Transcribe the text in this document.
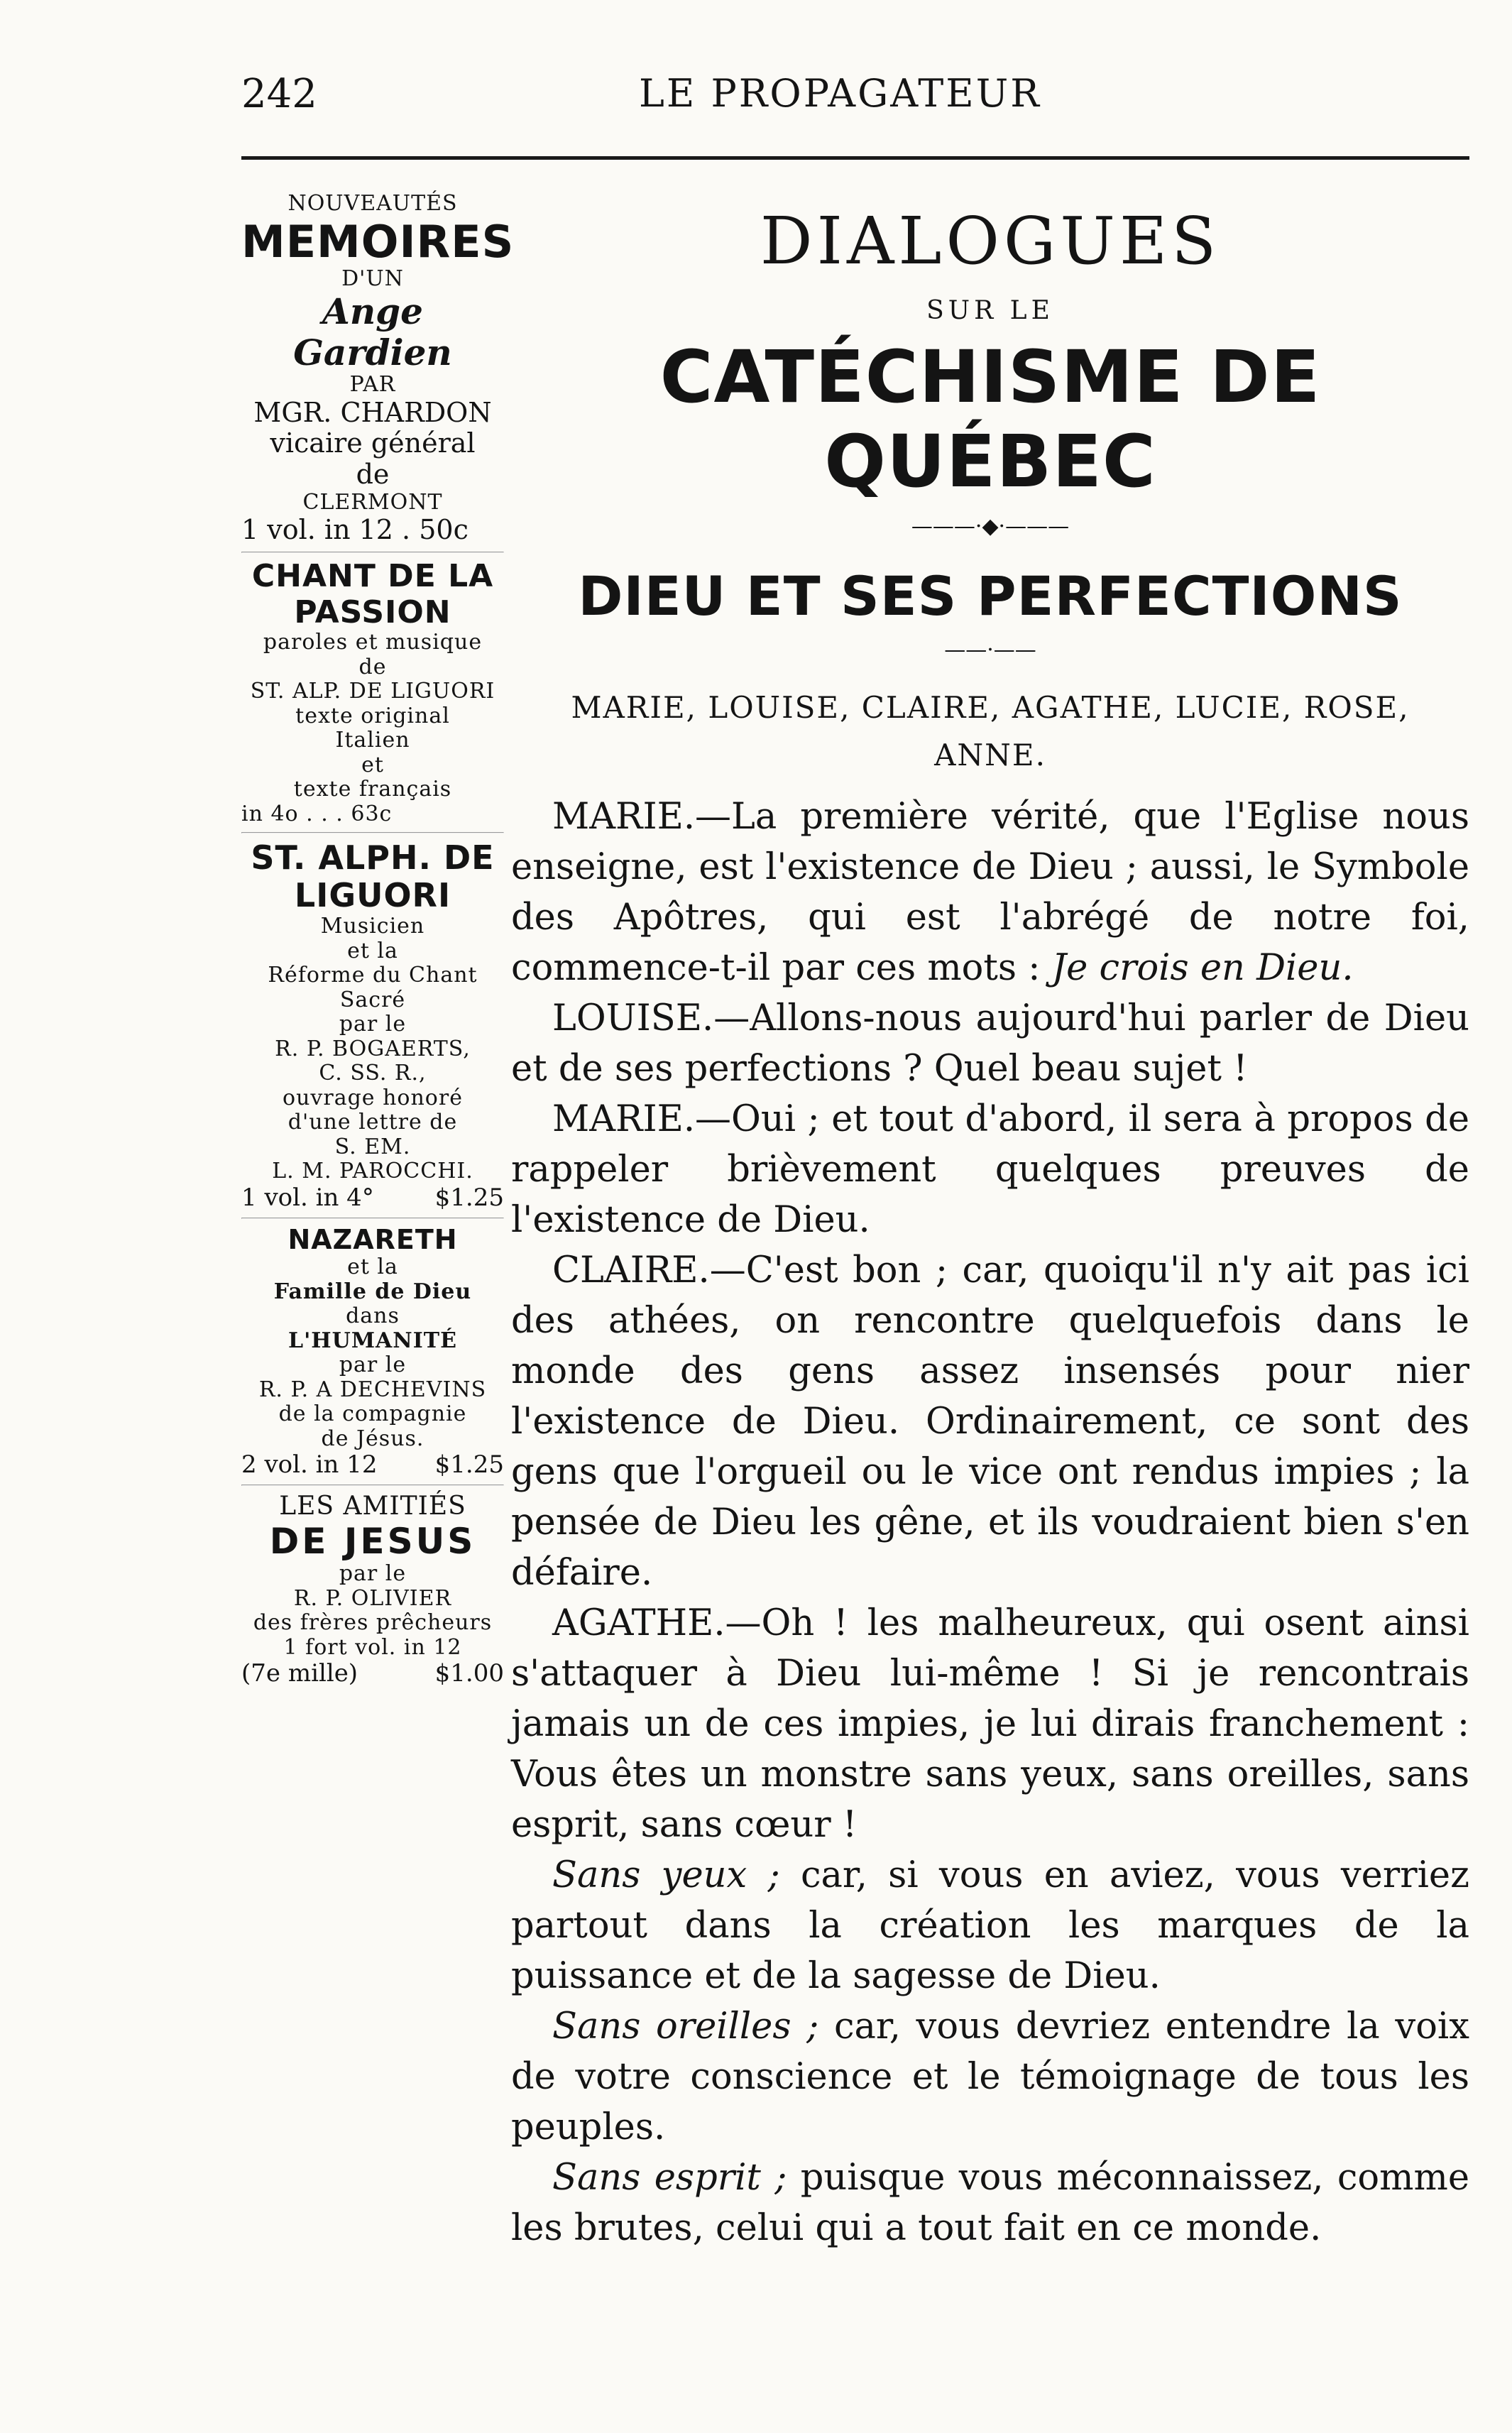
242	LE PROPAGATEUR
NOUVEAUTÉS
MEMOIRES
D'UN
Ange Gardien
PAR
MGR. CHARDON
vicaire général
de
CLERMONT
1 vol. in 12 . 50c
CHANT DE LA PASSION
paroles et musique
de
ST. ALP. DE LIGUORI
texte original
Italien
et
texte français
in 4o . . . 63c
ST. ALPH. DE LIGUORI
Musicien
et la
Réforme du Chant
Sacré
par le
R. P. BOGAERTS,
C. SS. R.,
ouvrage honoré
d'une lettre de
S. EM.
L. M. PAROCCHI.
1 vol. in 4°	$1.25
NAZARETH
et la
Famille de Dieu
dans
L'HUMANITÉ
par le
R. P. A DECHEVINS
de la compagnie
de Jésus.
2 vol. in 12 $1.25
LES AMITIÉS
DE JESUS
par le
R. P. OLIVIER
des frères prêcheurs
1 fort vol. in 12
(7e mille)	$1.00
DIALOGUES
SUR LE
CATÉCHISME DE QUÉBEC
———·◆·———
DIEU ET SES PERFECTIONS
——·——
MARIE, LOUISE, CLAIRE, AGATHE, LUCIE, ROSE, ANNE.

MARIE.—La première vérité, que l'Eglise nous enseigne, est l'existence de Dieu ; aussi, le Symbole des Apôtres, qui est l'abrégé de notre foi, commence-t-il par ces mots : Je crois en Dieu.

LOUISE.—Allons-nous aujourd'hui parler de Dieu et de ses perfections ? Quel beau sujet !

MARIE.—Oui ; et tout d'abord, il sera à propos de rappeler brièvement quelques preuves de l'existence de Dieu.

CLAIRE.—C'est bon ; car, quoiqu'il n'y ait pas ici des athées, on rencontre quelquefois dans le monde des gens assez insensés pour nier l'existence de Dieu. Ordinairement, ce sont des gens que l'orgueil ou le vice ont rendus impies ; la pensée de Dieu les gêne, et ils voudraient bien s'en défaire.

AGATHE.—Oh ! les malheureux, qui osent ainsi s'attaquer à Dieu lui-même ! Si je rencontrais jamais un de ces impies, je lui dirais franchement : Vous êtes un monstre sans yeux, sans oreilles, sans esprit, sans cœur !

Sans yeux ; car, si vous en aviez, vous verriez partout dans la création les marques de la puissance et de la sagesse de Dieu.

Sans oreilles ; car, vous devriez entendre la voix de votre conscience et le témoignage de tous les peuples.

Sans esprit ; puisque vous méconnaissez, comme les brutes, celui qui a tout fait en ce monde.
